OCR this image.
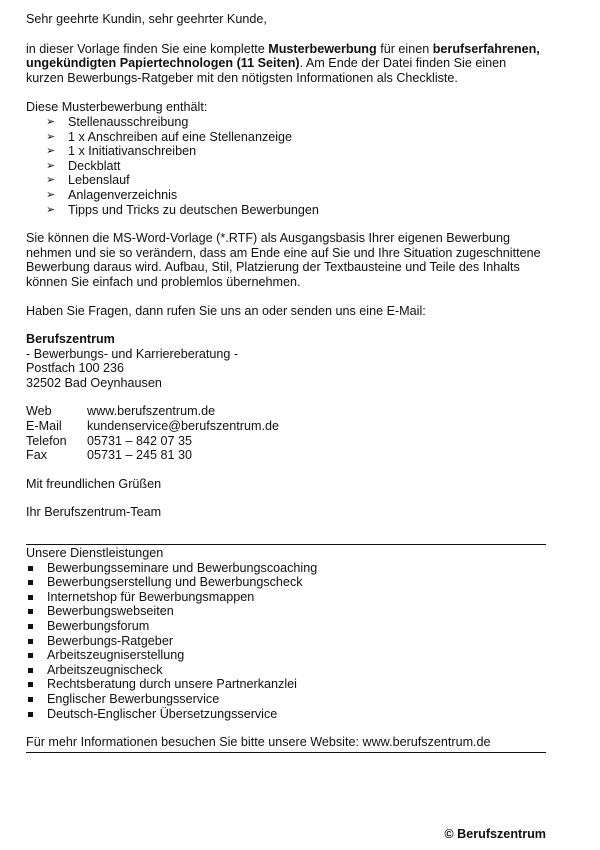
Sehr geehrte Kundin, sehr geehrter Kunde,

in dieser Vorlage finden Sie eine komplette Musterbewerbung für einen berufserfahrenen, ungekündigten Papiertechnologen (11 Seiten). Am Ende der Datei finden Sie einen kurzen Bewerbungs-Ratgeber mit den nötigsten Informationen als Checkliste.

Diese Musterbewerbung enthält:

➢ Stellenausschreibung
➢ 1 x Anschreiben auf eine Stellenanzeige
➢ 1 x Initiativanschreiben
➢ Deckblatt
➢ Lebenslauf
➢ Anlagenverzeichnis
➢ Tipps und Tricks zu deutschen Bewerbungen

Sie können die MS-Word-Vorlage (*.RTF) als Ausgangsbasis Ihrer eigenen Bewerbung nehmen und sie so verändern, dass am Ende eine auf Sie und Ihre Situation zugeschnittene Bewerbung daraus wird. Aufbau, Stil, Platzierung der Textbausteine und Teile des Inhalts können Sie einfach und problemlos übernehmen.

Haben Sie Fragen, dann rufen Sie uns an oder senden uns eine E-Mail:

Berufszentrum

- Bewerbungs- und Karriereberatung -

Postfach 100 236

32502 Bad Oeynhausen

Web	www.berufszentrum.de
E-Mail	kundenservice@berufszentrum.de
Telefon	05731 – 842 07 35
Fax	05731 – 245 81 30

Mit freundlichen Grüßen

Ihr Berufszentrum-Team

Unsere Dienstleistungen

Bewerbungsseminare und Bewerbungscoaching
Bewerbungserstellung und Bewerbungscheck
Internetshop für Bewerbungsmappen
Bewerbungswebseiten
Bewerbungsforum
Bewerbungs-Ratgeber
Arbeitszeugniserstellung
Arbeitszeugnischeck
Rechtsberatung durch unsere Partnerkanzlei
Englischer Bewerbungsservice
Deutsch-Englischer Übersetzungsservice

Für mehr Informationen besuchen Sie bitte unsere Website: www.berufszentrum.de

© Berufszentrum
